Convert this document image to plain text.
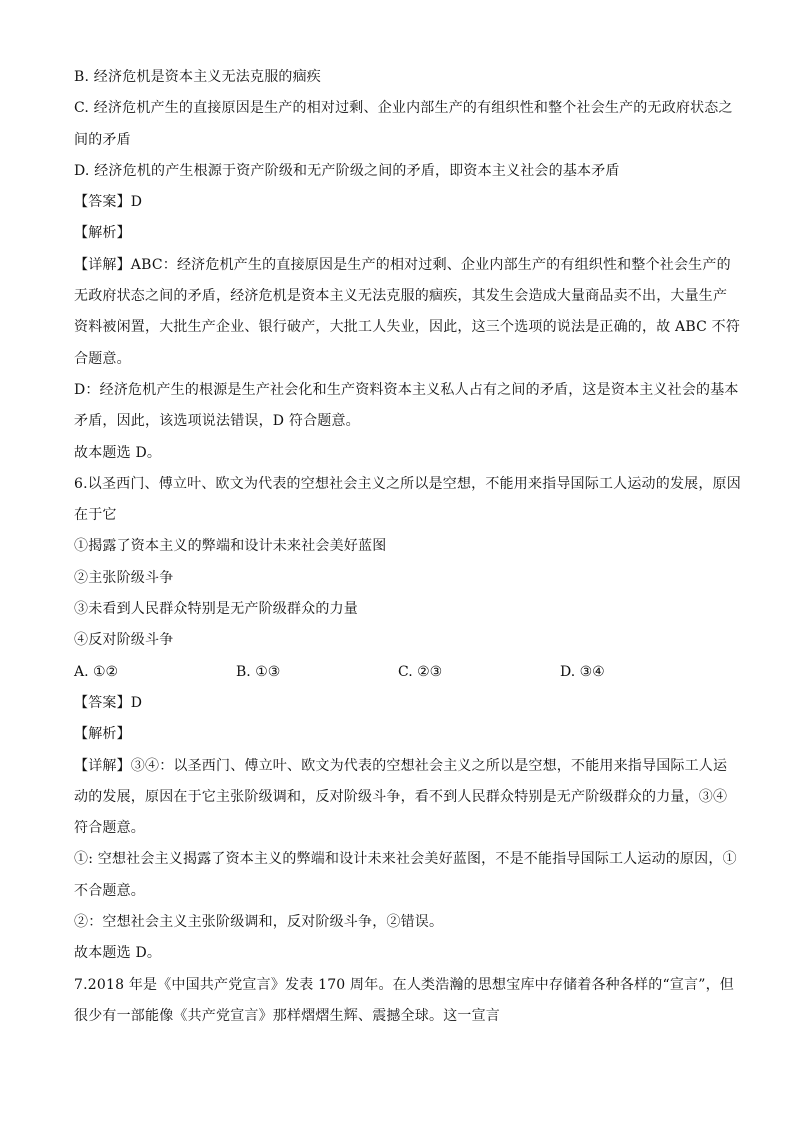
B. 经济危机是资本主义无法克服的痼疾
C. 经济危机产生的直接原因是生产的相对过剩、企业内部生产的有组织性和整个社会生产的无政府状态之
间的矛盾
D. 经济危机的产生根源于资产阶级和无产阶级之间的矛盾，即资本主义社会的基本矛盾
【答案】D
【解析】
【详解】ABC：经济危机产生的直接原因是生产的相对过剩、企业内部生产的有组织性和整个社会生产的
无政府状态之间的矛盾，经济危机是资本主义无法克服的痼疾，其发生会造成大量商品卖不出，大量生产
资料被闲置，大批生产企业、银行破产，大批工人失业，因此，这三个选项的说法是正确的，故 ABC 不符
合题意。
D：经济危机产生的根源是生产社会化和生产资料资本主义私人占有之间的矛盾，这是资本主义社会的基本
矛盾，因此，该选项说法错误，D 符合题意。
故本题选 D。
6.以圣西门、傅立叶、欧文为代表的空想社会主义之所以是空想，不能用来指导国际工人运动的发展，原因
在于它
①揭露了资本主义的弊端和设计未来社会美好蓝图
②主张阶级斗争
③未看到人民群众特别是无产阶级群众的力量
④反对阶级斗争
A. ①②	B. ①③	C. ②③	D. ③④
【答案】D
【解析】
【详解】③④：以圣西门、傅立叶、欧文为代表的空想社会主义之所以是空想，不能用来指导国际工人运
动的发展，原因在于它主张阶级调和，反对阶级斗争，看不到人民群众特别是无产阶级群众的力量，③④
符合题意。
①: 空想社会主义揭露了资本主义的弊端和设计未来社会美好蓝图，不是不能指导国际工人运动的原因，①
不合题意。
②：空想社会主义主张阶级调和，反对阶级斗争，②错误。
故本题选 D。
7.2018 年是《中国共产党宣言》发表 170 周年。在人类浩瀚的思想宝库中存储着各种各样的“宣言”，但
很少有一部能像《共产党宣言》那样熠熠生辉、震撼全球。这一宣言
